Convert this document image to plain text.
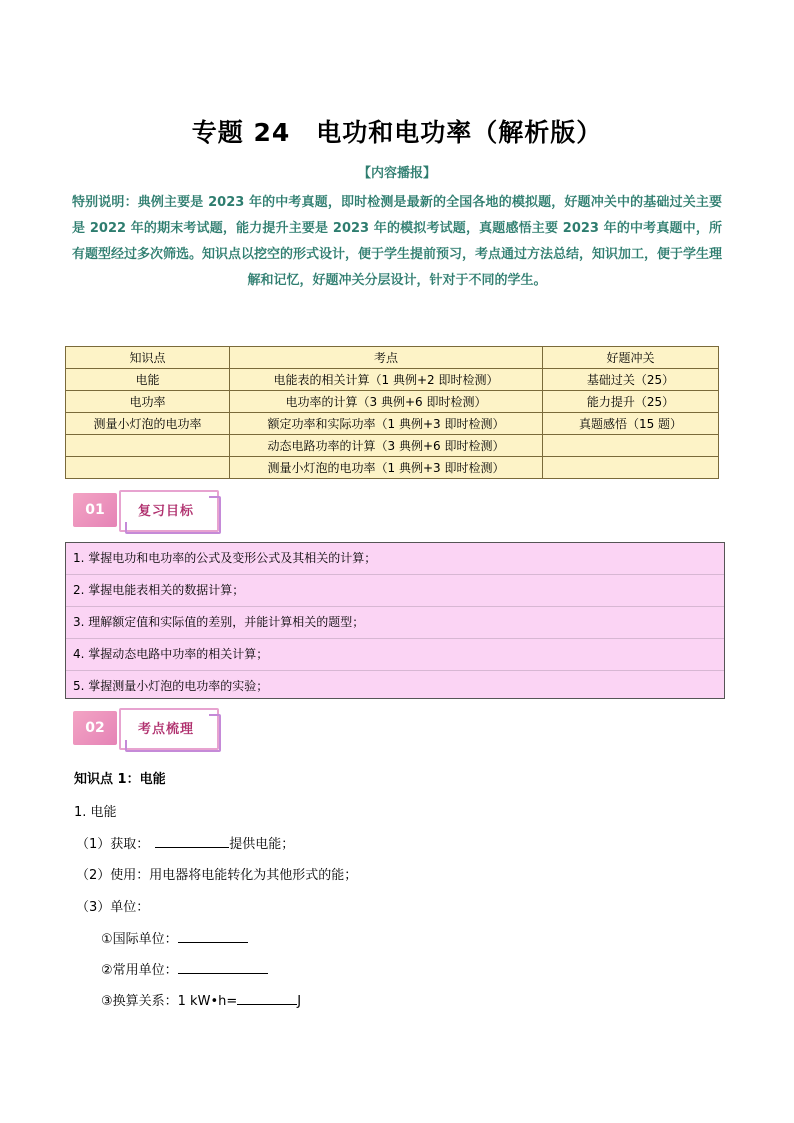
专题 24　电功和电功率（解析版）
【内容播报】
特别说明：典例主要是 2023 年的中考真题，即时检测是最新的全国各地的模拟题，好题冲关中的基础过关主要是 2022 年的期末考试题，能力提升主要是 2023 年的模拟考试题，真题感悟主要 2023 年的中考真题中，所有题型经过多次筛选。知识点以挖空的形式设计，便于学生提前预习，考点通过方法总结，知识加工，便于学生理解和记忆，好题冲关分层设计，针对于不同的学生。
知识点	考点	好题冲关
电能	电能表的相关计算（1 典例+2 即时检测）	基础过关（25）
电功率	电功率的计算（3 典例+6 即时检测）	能力提升（25）
测量小灯泡的电功率	额定功率和实际功率（1 典例+3 即时检测）	真题感悟（15 题）
	动态电路功率的计算（3 典例+6 即时检测）	
	测量小灯泡的电功率（1 典例+3 即时检测）	
01	复习目标
1. 掌握电功和电功率的公式及变形公式及其相关的计算；
2. 掌握电能表相关的数据计算；
3. 理解额定值和实际值的差别，并能计算相关的题型；
4. 掌握动态电路中功率的相关计算；
5. 掌握测量小灯泡的电功率的实验；
02	考点梳理
知识点 1：电能
1. 电能
（1）获取：	提供电能；
（2）使用：用电器将电能转化为其他形式的能；
（3）单位：
①国际单位：
②常用单位：
③换算关系：1 kW•h=	J
